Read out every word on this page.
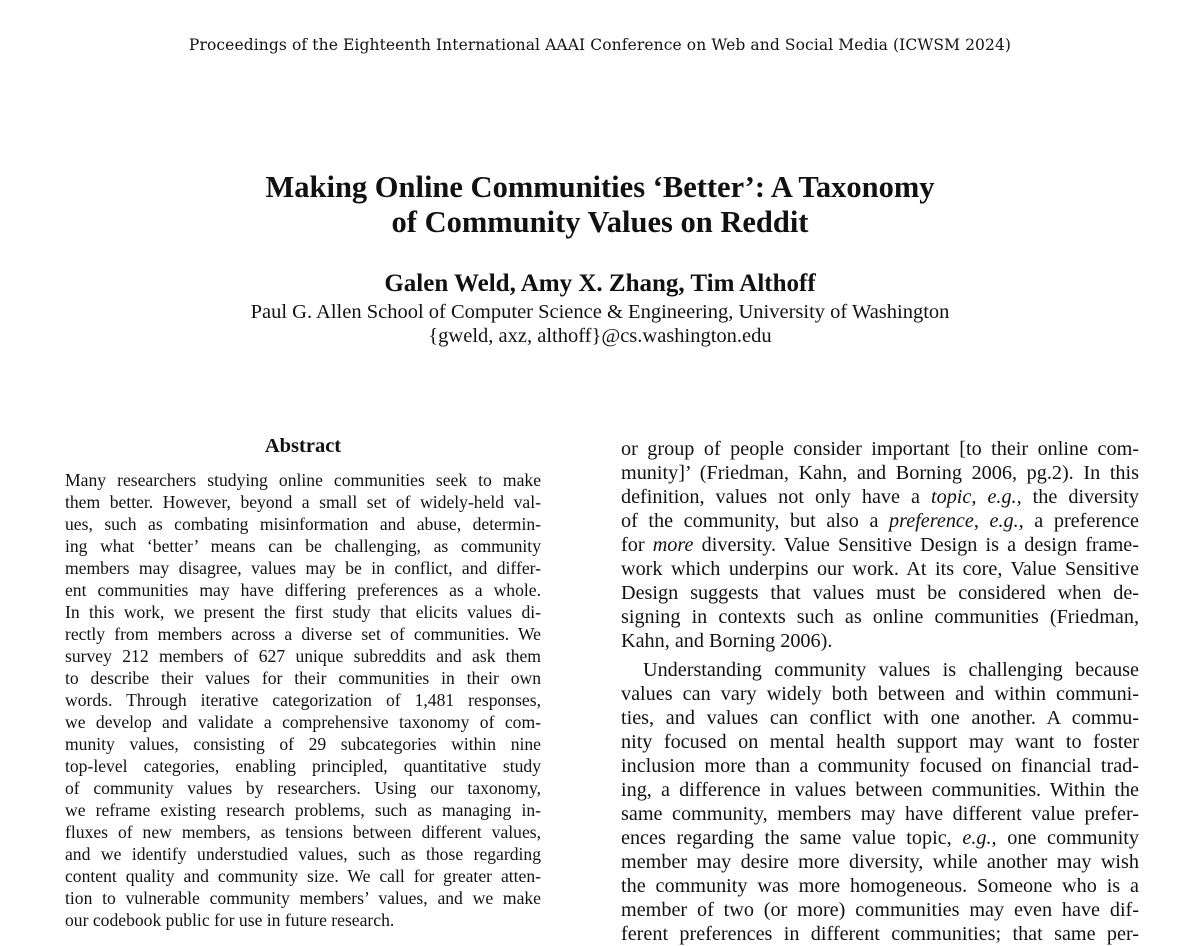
Proceedings of the Eighteenth International AAAI Conference on Web and Social Media (ICWSM 2024)
Making Online Communities ‘Better’: A Taxonomy
of Community Values on Reddit
Galen Weld, Amy X. Zhang, Tim Althoff
Paul G. Allen School of Computer Science & Engineering, University of Washington
{gweld, axz, althoff}@cs.washington.edu
Abstract
Many researchers studying online communities seek to make
them better. However, beyond a small set of widely-held val-
ues, such as combating misinformation and abuse, determin-
ing what ‘better’ means can be challenging, as community
members may disagree, values may be in conflict, and differ-
ent communities may have differing preferences as a whole.
In this work, we present the first study that elicits values di-
rectly from members across a diverse set of communities. We
survey 212 members of 627 unique subreddits and ask them
to describe their values for their communities in their own
words. Through iterative categorization of 1,481 responses,
we develop and validate a comprehensive taxonomy of com-
munity values, consisting of 29 subcategories within nine
top-level categories, enabling principled, quantitative study
of community values by researchers. Using our taxonomy,
we reframe existing research problems, such as managing in-
fluxes of new members, as tensions between different values,
and we identify understudied values, such as those regarding
content quality and community size. We call for greater atten-
tion to vulnerable community members’ values, and we make
our codebook public for use in future research.
or group of people consider important [to their online com-
munity]’ (Friedman, Kahn, and Borning 2006, pg.2). In this
definition, values not only have a topic, e.g., the diversity
of the community, but also a preference, e.g., a preference
for more diversity. Value Sensitive Design is a design frame-
work which underpins our work. At its core, Value Sensitive
Design suggests that values must be considered when de-
signing in contexts such as online communities (Friedman,
Kahn, and Borning 2006).
Understanding community values is challenging because
values can vary widely both between and within communi-
ties, and values can conflict with one another. A commu-
nity focused on mental health support may want to foster
inclusion more than a community focused on financial trad-
ing, a difference in values between communities. Within the
same community, members may have different value prefer-
ences regarding the same value topic, e.g., one community
member may desire more diversity, while another may wish
the community was more homogeneous. Someone who is a
member of two (or more) communities may even have dif-
ferent preferences in different communities; that same per-
